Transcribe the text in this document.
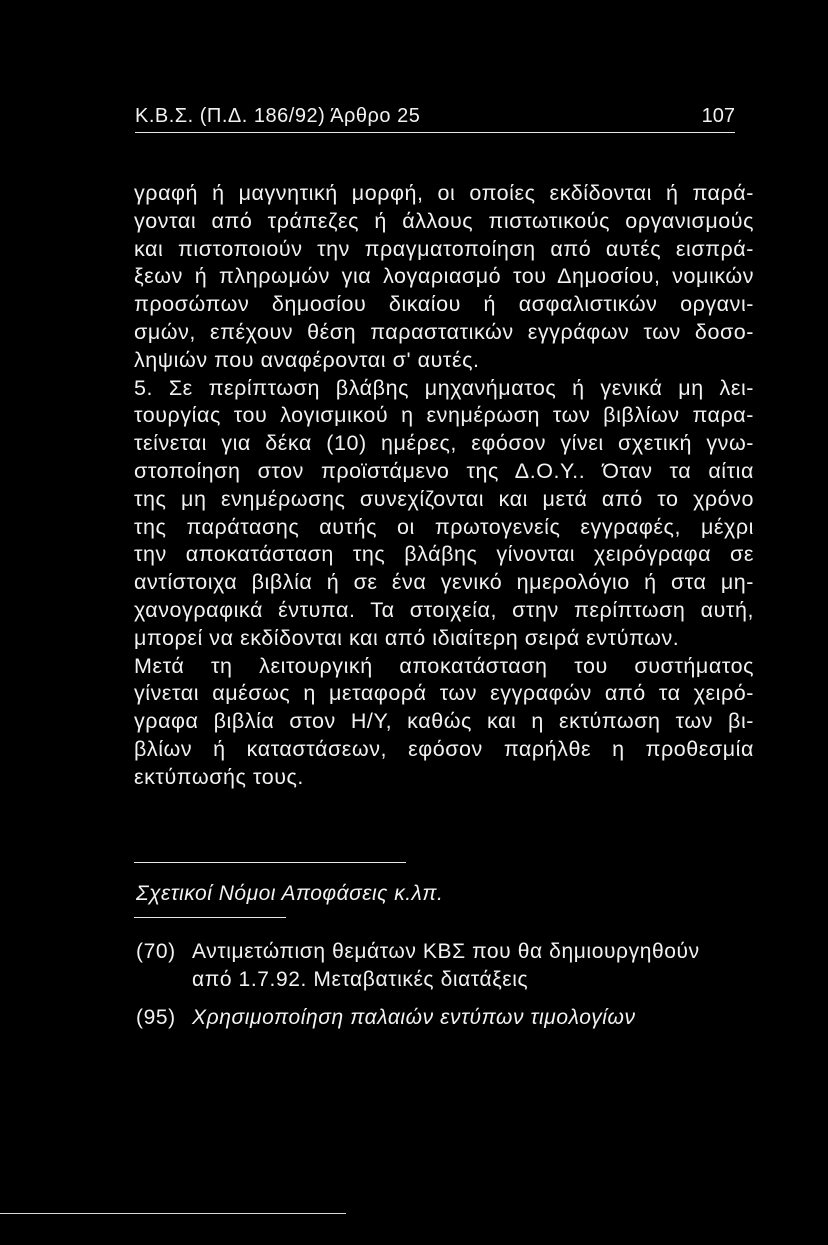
Κ.Β.Σ. (Π.Δ. 186/92) Άρθρο 25	107
γραφή ή μαγνητική μορφή, οι οποίες εκδίδονται ή παρά-
γονται από τράπεζες ή άλλους πιστωτικούς οργανισμούς
και πιστοποιούν την πραγματοποίηση από αυτές εισπρά-
ξεων ή πληρωμών για λογαριασμό του Δημοσίου, νομικών
προσώπων δημοσίου δικαίου ή ασφαλιστικών οργανι-
σμών, επέχουν θέση παραστατικών εγγράφων των δοσο-
ληψιών που αναφέρονται σ' αυτές.
5. Σε περίπτωση βλάβης μηχανήματος ή γενικά μη λει-
τουργίας του λογισμικού η ενημέρωση των βιβλίων παρα-
τείνεται για δέκα (10) ημέρες, εφόσον γίνει σχετική γνω-
στοποίηση στον προϊστάμενο της Δ.Ο.Υ.. Όταν τα αίτια
της μη ενημέρωσης συνεχίζονται και μετά από το χρόνο
της παράτασης αυτής οι πρωτογενείς εγγραφές, μέχρι
την αποκατάσταση της βλάβης γίνονται χειρόγραφα σε
αντίστοιχα βιβλία ή σε ένα γενικό ημερολόγιο ή στα μη-
χανογραφικά έντυπα. Τα στοιχεία, στην περίπτωση αυτή,
μπορεί να εκδίδονται και από ιδιαίτερη σειρά εντύπων.
Μετά τη λειτουργική αποκατάσταση του συστήματος
γίνεται αμέσως η μεταφορά των εγγραφών από τα χειρό-
γραφα βιβλία στον Η/Υ, καθώς και η εκτύπωση των βι-
βλίων ή καταστάσεων, εφόσον παρήλθε η προθεσμία
εκτύπωσής τους.
Σχετικοί Νόμοι Αποφάσεις κ.λπ.
(70) Αντιμετώπιση θεμάτων ΚΒΣ που θα δημιουργηθούν
από 1.7.92. Μεταβατικές διατάξεις
(95) Χρησιμοποίηση παλαιών εντύπων τιμολογίων
